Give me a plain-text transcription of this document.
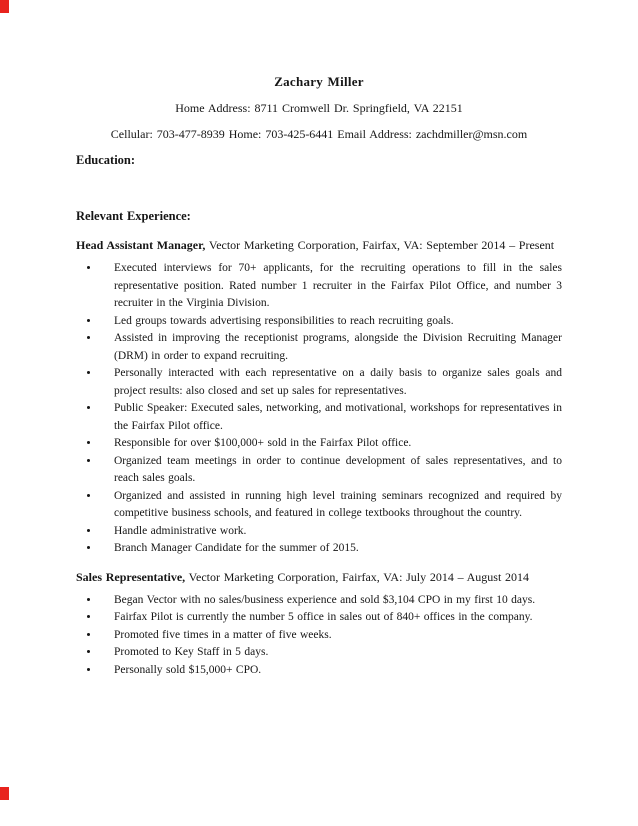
Zachary Miller
Home Address: 8711 Cromwell Dr. Springfield, VA 22151
Cellular: 703-477-8939 Home: 703-425-6441 Email Address: zachdmiller@msn.com

Education:

Relevant Experience:

Head Assistant Manager, Vector Marketing Corporation, Fairfax, VA: September 2014 – Present

• Executed interviews for 70+ applicants, for the recruiting operations to fill in the sales representative position. Rated number 1 recruiter in the Fairfax Pilot Office, and number 3 recruiter in the Virginia Division.
• Led groups towards advertising responsibilities to reach recruiting goals.
• Assisted in improving the receptionist programs, alongside the Division Recruiting Manager (DRM) in order to expand recruiting.
• Personally interacted with each representative on a daily basis to organize sales goals and project results: also closed and set up sales for representatives.
• Public Speaker: Executed sales, networking, and motivational, workshops for representatives in the Fairfax Pilot office.
• Responsible for over $100,000+ sold in the Fairfax Pilot office.
• Organized team meetings in order to continue development of sales representatives, and to reach sales goals.
• Organized and assisted in running high level training seminars recognized and required by competitive business schools, and featured in college textbooks throughout the country.
• Handle administrative work.
• Branch Manager Candidate for the summer of 2015.

Sales Representative, Vector Marketing Corporation, Fairfax, VA: July 2014 – August 2014

• Began Vector with no sales/business experience and sold $3,104 CPO in my first 10 days.
• Fairfax Pilot is currently the number 5 office in sales out of 840+ offices in the company.
• Promoted five times in a matter of five weeks.
• Promoted to Key Staff in 5 days.
• Personally sold $15,000+ CPO.
